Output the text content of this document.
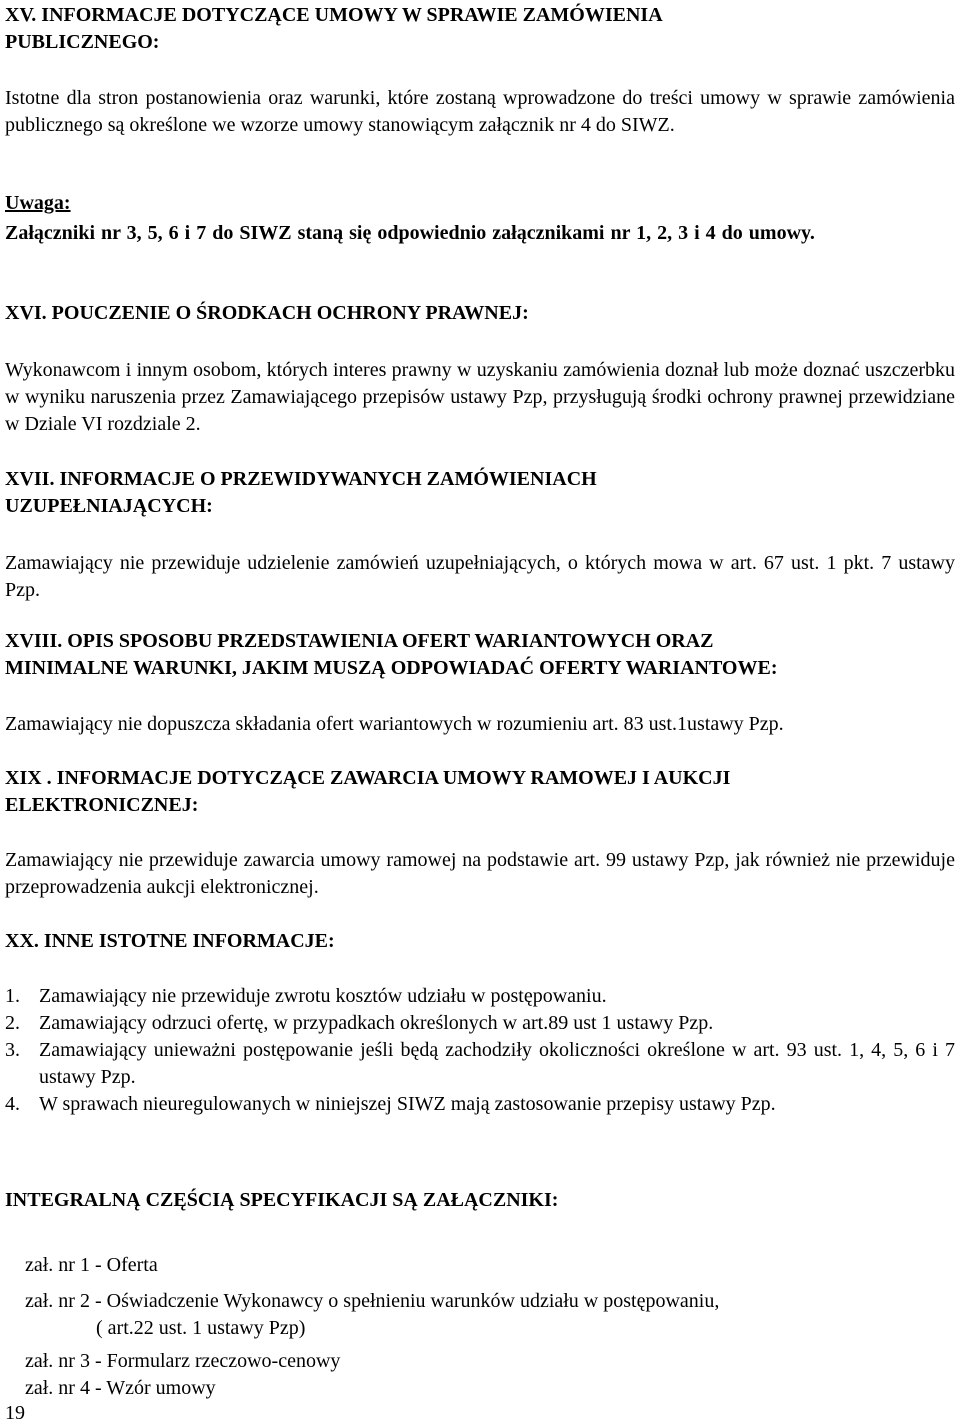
XV. INFORMACJE DOTYCZĄCE UMOWY W SPRAWIE ZAMÓWIENIA

PUBLICZNEGO:

Istotne dla stron postanowienia oraz warunki, które zostaną wprowadzone do treści umowy w sprawie zamówienia publicznego są określone we wzorze umowy stanowiącym załącznik nr 4 do SIWZ.

Uwaga:

Załączniki nr 3, 5, 6 i 7 do SIWZ staną się odpowiednio załącznikami nr 1, 2, 3 i 4 do umowy.

XVI. POUCZENIE O ŚRODKACH OCHRONY PRAWNEJ:

Wykonawcom i innym osobom, których interes prawny w uzyskaniu zamówienia doznał lub może doznać uszczerbku w wyniku naruszenia przez Zamawiającego przepisów ustawy Pzp, przysługują środki ochrony prawnej przewidziane w Dziale VI rozdziale 2.

XVII. INFORMACJE O PRZEWIDYWANYCH ZAMÓWIENIACH

UZUPEŁNIAJĄCYCH:

Zamawiający nie przewiduje udzielenie zamówień uzupełniających, o których mowa w art. 67 ust. 1 pkt. 7 ustawy Pzp.

XVIII. OPIS SPOSOBU PRZEDSTAWIENIA OFERT WARIANTOWYCH ORAZ

MINIMALNE WARUNKI, JAKIM MUSZĄ ODPOWIADAĆ OFERTY WARIANTOWE:

Zamawiający nie dopuszcza składania ofert wariantowych w rozumieniu art. 83 ust.1ustawy Pzp.

XIX . INFORMACJE DOTYCZĄCE ZAWARCIA UMOWY RAMOWEJ I AUKCJI

ELEKTRONICZNEJ:

Zamawiający nie przewiduje zawarcia umowy ramowej na podstawie art. 99 ustawy Pzp, jak również nie przewiduje przeprowadzenia aukcji elektronicznej.

XX. INNE ISTOTNE INFORMACJE:

1. Zamawiający nie przewiduje zwrotu kosztów udziału w postępowaniu.
2. Zamawiający odrzuci ofertę, w przypadkach określonych w art.89 ust 1 ustawy Pzp.
3. Zamawiający unieważni postępowanie jeśli będą zachodziły okoliczności określone w art. 93 ust. 1, 4, 5, 6 i 7 ustawy Pzp.
4. W sprawach nieuregulowanych w niniejszej SIWZ mają zastosowanie przepisy ustawy Pzp.

INTEGRALNĄ CZĘŚCIĄ SPECYFIKACJI SĄ ZAŁĄCZNIKI:

zał. nr 1 - Oferta

zał. nr 2 - Oświadczenie Wykonawcy o spełnieniu warunków udziału w postępowaniu,

( art.22 ust. 1 ustawy Pzp)

zał. nr 3 - Formularz rzeczowo-cenowy

zał. nr 4 - Wzór umowy

19
